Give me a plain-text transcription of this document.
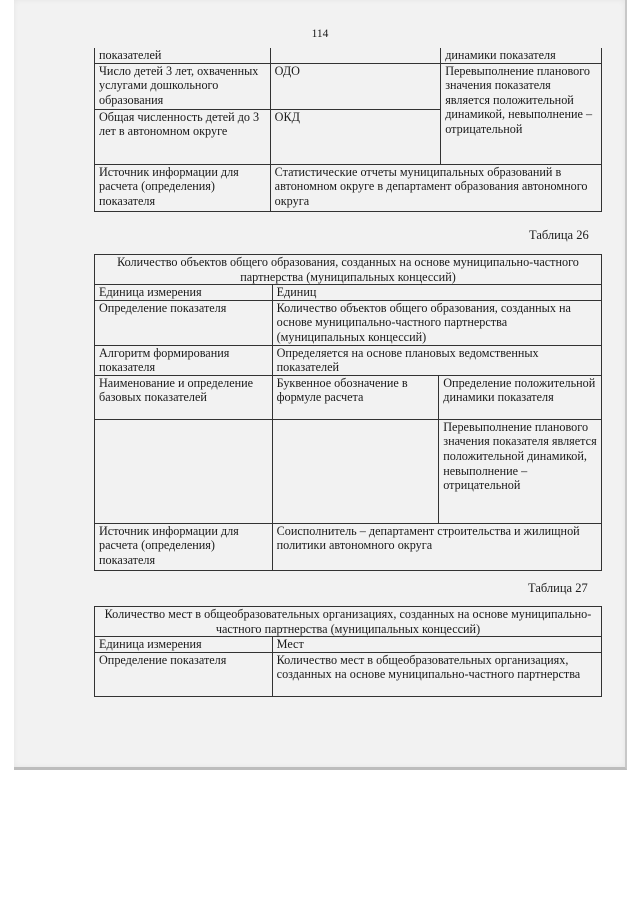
114
показателей		динамики показателя
Число детей 3 лет, охваченных услугами дошкольного образования	ОДО	Перевыполнение планового значения показателя является положительной динамикой, невыполнение – отрицательной
Общая численность детей до 3 лет в автономном округе	ОКД	
Источник информации для расчета (определения) показателя	Статистические отчеты муниципальных образований в автономном округе в департамент образования автономного округа	
Таблица 26
Количество объектов общего образования, созданных на основе муниципально-частного партнерства (муниципальных концессий)		
Единица измерения	Единиц	
Определение показателя	Количество объектов общего образования, созданных на основе муниципально-частного партнерства (муниципальных концессий)	
Алгоритм формирования показателя	Определяется на основе плановых ведомственных показателей	
Наименование и определение базовых показателей	Буквенное обозначение в формуле расчета	Определение положительной динамики показателя
		Перевыполнение планового значения показателя является положительной динамикой, невыполнение – отрицательной
Источник информации для расчета (определения) показателя	Соисполнитель – департамент строительства и жилищной политики автономного округа	
Таблица 27
Количество мест в общеобразовательных организациях, созданных на основе муниципально-частного партнерства (муниципальных концессий)	
Единица измерения	Мест
Определение показателя	Количество мест в общеобразовательных организациях, созданных на основе муниципально-частного партнерства
